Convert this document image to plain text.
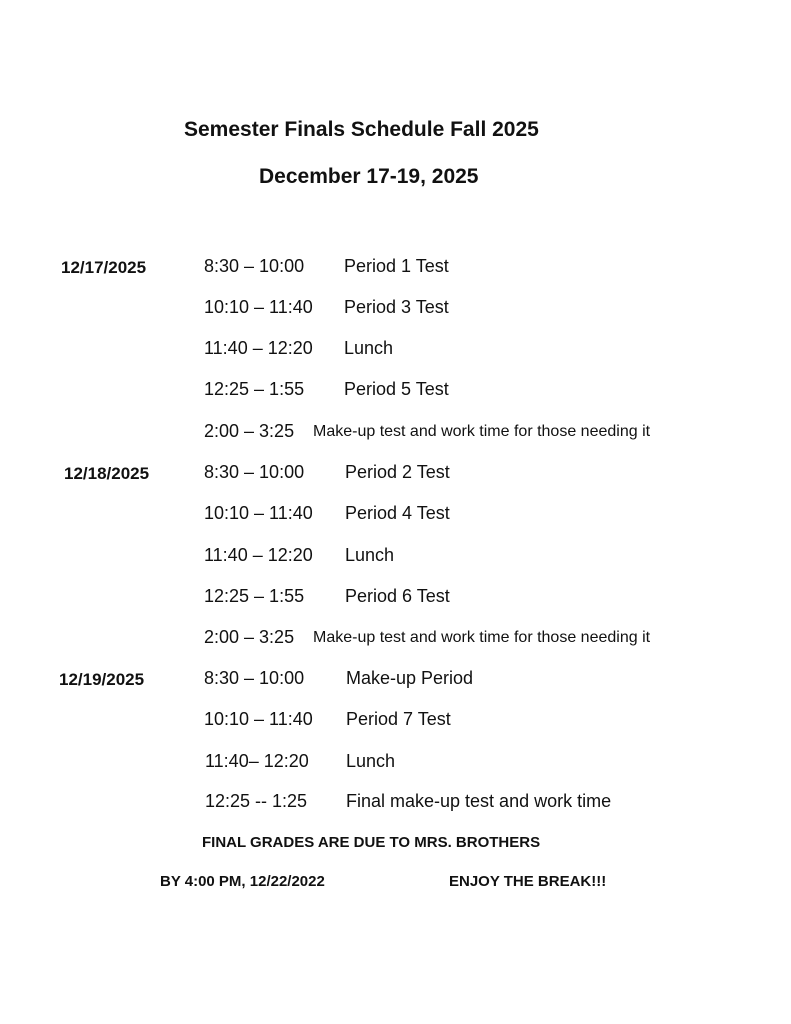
Semester Finals Schedule Fall 2025
December 17-19, 2025
12/17/2025	8:30 – 10:00 Period 1 Test
10:10 – 11:40 Period 3 Test
11:40 – 12:20 Lunch
12:25 – 1:55 Period 5 Test
2:00 – 3:25 Make-up test and work time for those needing it
12/18/2025	8:30 – 10:00 Period 2 Test
10:10 – 11:40 Period 4 Test
11:40 – 12:20 Lunch
12:25 – 1:55 Period 6 Test
2:00 – 3:25 Make-up test and work time for those needing it
12/19/2025	8:30 – 10:00 Make-up Period
10:10 – 11:40 Period 7 Test
11:40– 12:20 Lunch
12:25 -- 1:25 Final make-up test and work time
FINAL GRADES ARE DUE TO MRS. BROTHERS
BY 4:00 PM, 12/22/2022	ENJOY THE BREAK!!!
